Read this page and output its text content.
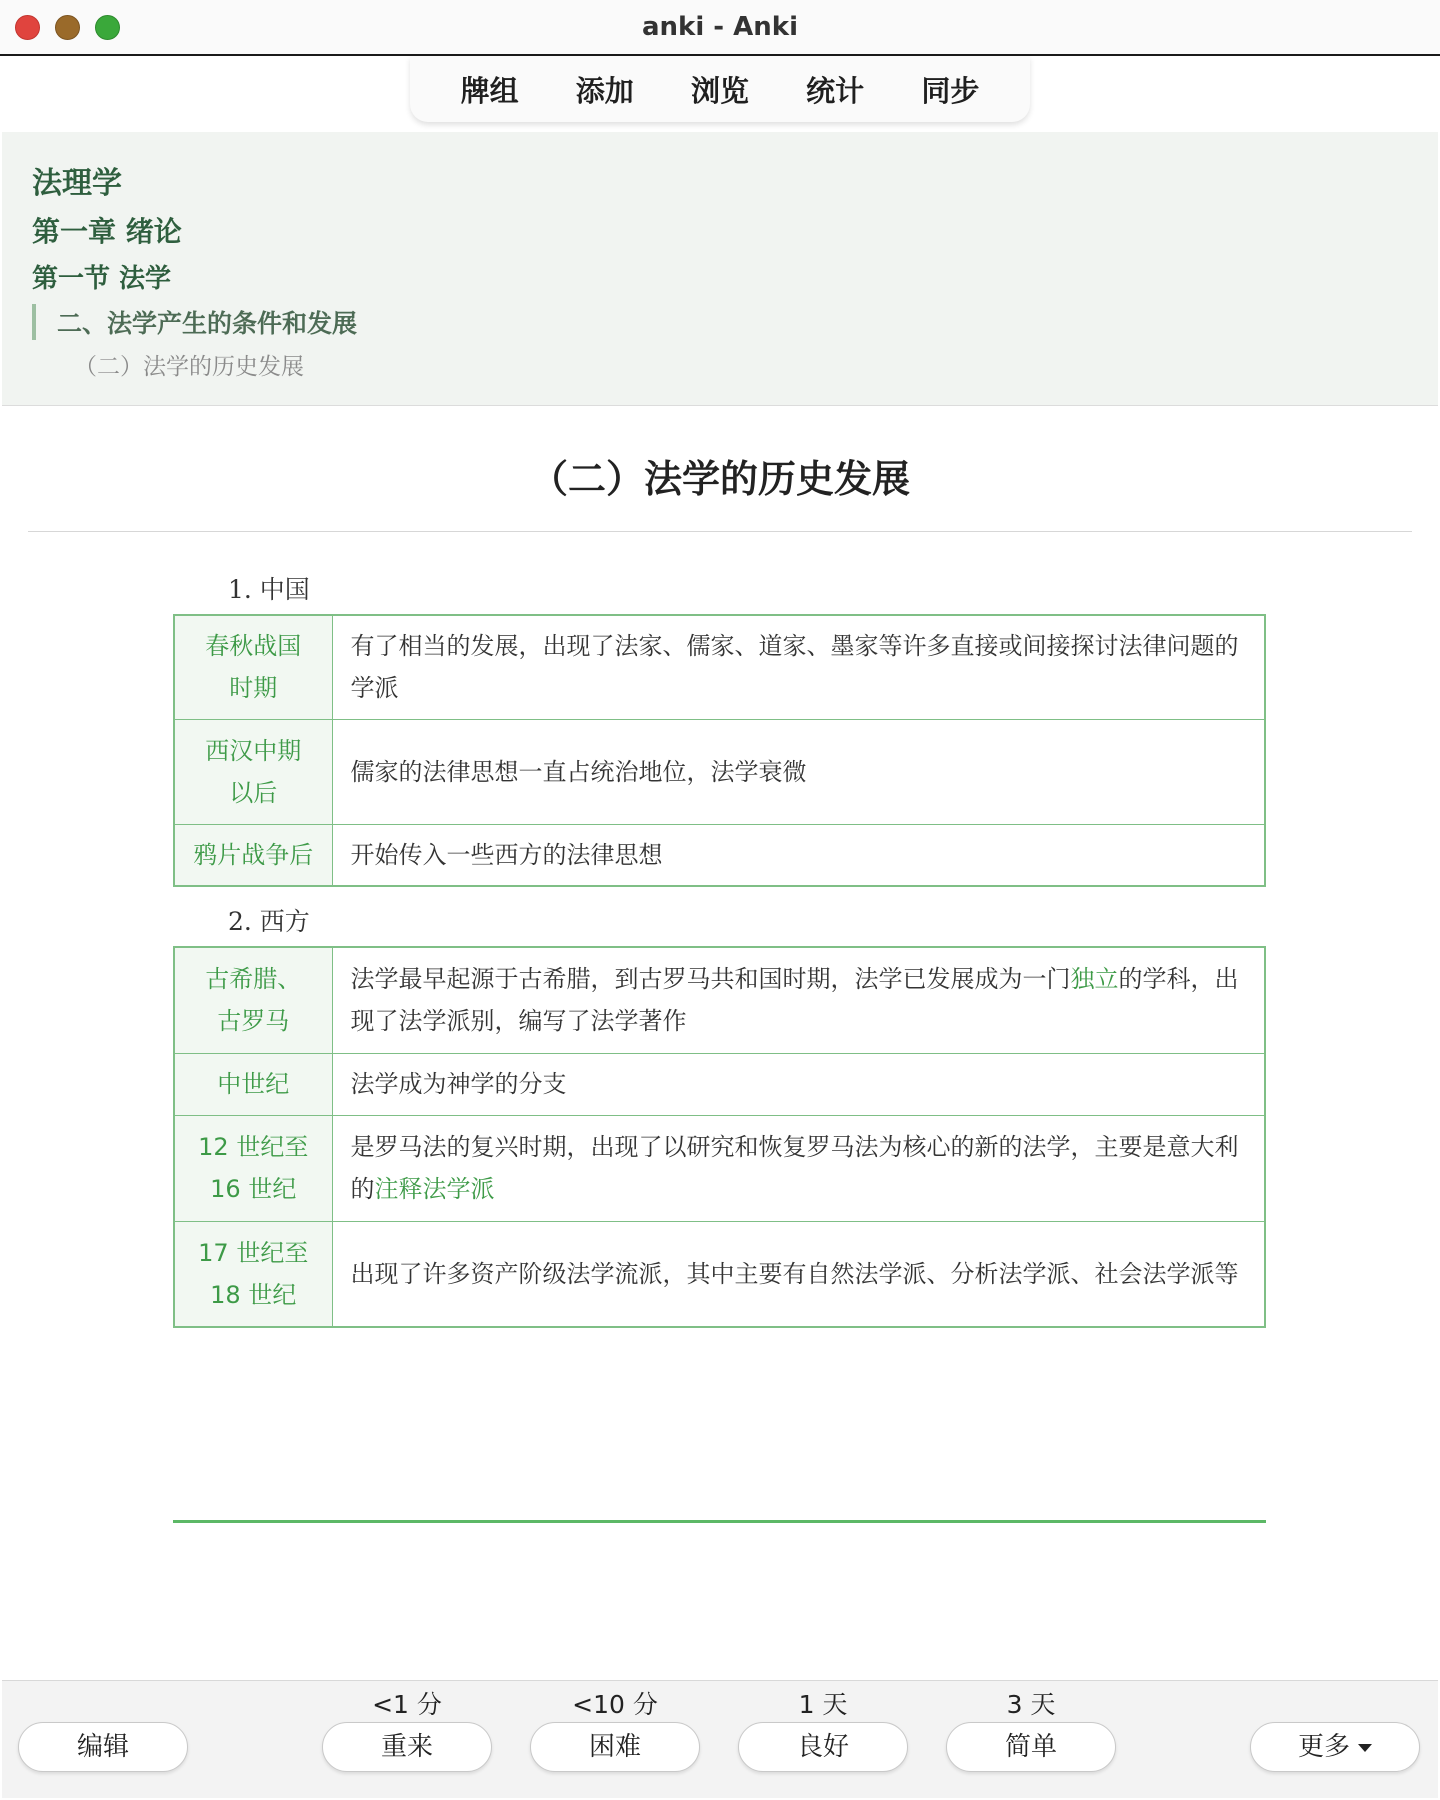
anki - Anki
牌组 添加 浏览 统计 同步
法理学
第一章 绪论
第一节 法学
二、法学产生的条件和发展
（二）法学的历史发展
（二）法学的历史发展
1. 中国
春秋战国
时期	有了相当的发展，出现了法家、儒家、道家、墨家等许多直接或间接探讨法律问题的学派

西汉中期
以后	儒家的法律思想一直占统治地位，法学衰微

鸦片战争后	开始传入一些西方的法律思想
2. 西方
古希腊、
古罗马	法学最早起源于古希腊，到古罗马共和国时期，法学已发展成为一门独立的学科，出现了法学派别，编写了法学著作

中世纪	法学成为神学的分支

12 世纪至
16 世纪	是罗马法的复兴时期，出现了以研究和恢复罗马法为核心的新的法学，主要是意大利的注释法学派

17 世纪至
18 世纪	出现了许多资产阶级法学流派，其中主要有自然法学派、分析法学派、社会法学派等
<1 分	<10 分	1 天	3 天
编辑	重来	困难	良好	简单	更多
